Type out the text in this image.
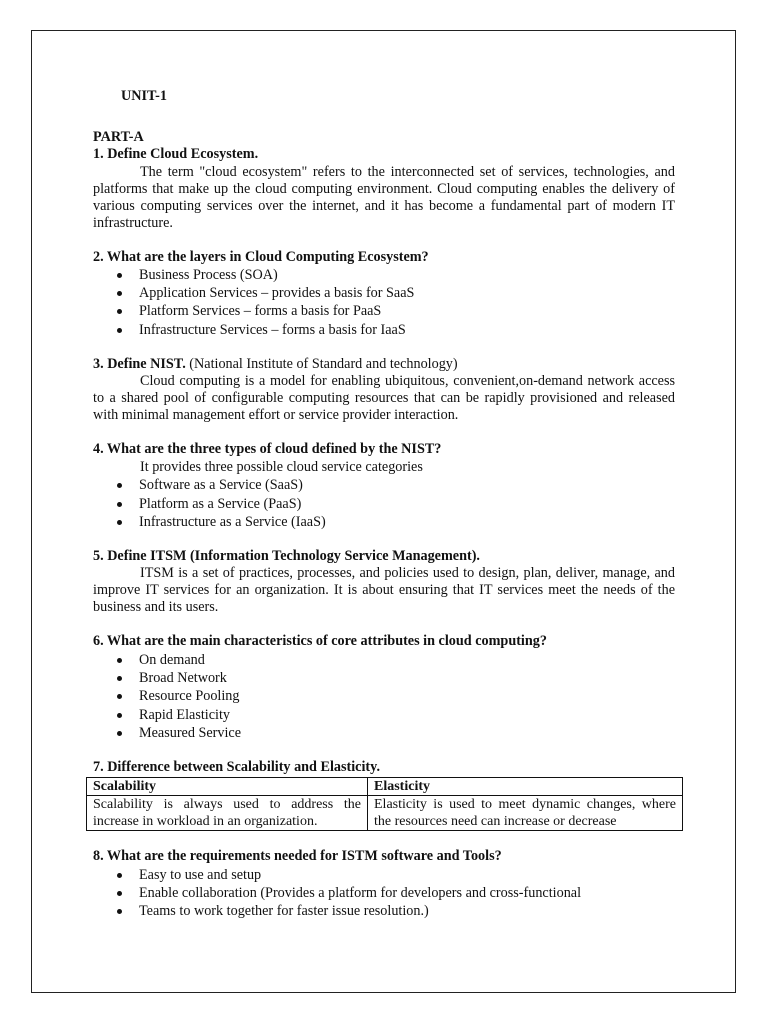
UNIT-1
PART-A

1. Define Cloud Ecosystem.

The term "cloud ecosystem" refers to the interconnected set of services, technologies, and platforms that make up the cloud computing environment. Cloud computing enables the delivery of various computing services over the internet, and it has become a fundamental part of modern IT infrastructure.

2. What are the layers in Cloud Computing Ecosystem?

Business Process (SOA)
Application Services – provides a basis for SaaS
Platform Services – forms a basis for PaaS
Infrastructure Services – forms a basis for IaaS

3. Define NIST. (National Institute of Standard and technology)

Cloud computing is a model for enabling ubiquitous, convenient,on-demand network access to a shared pool of configurable computing resources that can be rapidly provisioned and released with minimal management effort or service provider interaction.

4. What are the three types of cloud defined by the NIST?

It provides three possible cloud service categories

Software as a Service (SaaS)
Platform as a Service (PaaS)
Infrastructure as a Service (IaaS)

5. Define ITSM (Information Technology Service Management).

ITSM is a set of practices, processes, and policies used to design, plan, deliver, manage, and improve IT services for an organization. It is about ensuring that IT services meet the needs of the business and its users.

6. What are the main characteristics of core attributes in cloud computing?

On demand
Broad Network
Resource Pooling
Rapid Elasticity
Measured Service

7. Difference between Scalability and Elasticity.

Scalability	Elasticity
Scalability is always used to address the increase in workload in an organization.	Elasticity is used to meet dynamic changes, where the resources need can increase or decrease

8. What are the requirements needed for ISTM software and Tools?

Easy to use and setup
Enable collaboration (Provides a platform for developers and cross-functional
Teams to work together for faster issue resolution.)
